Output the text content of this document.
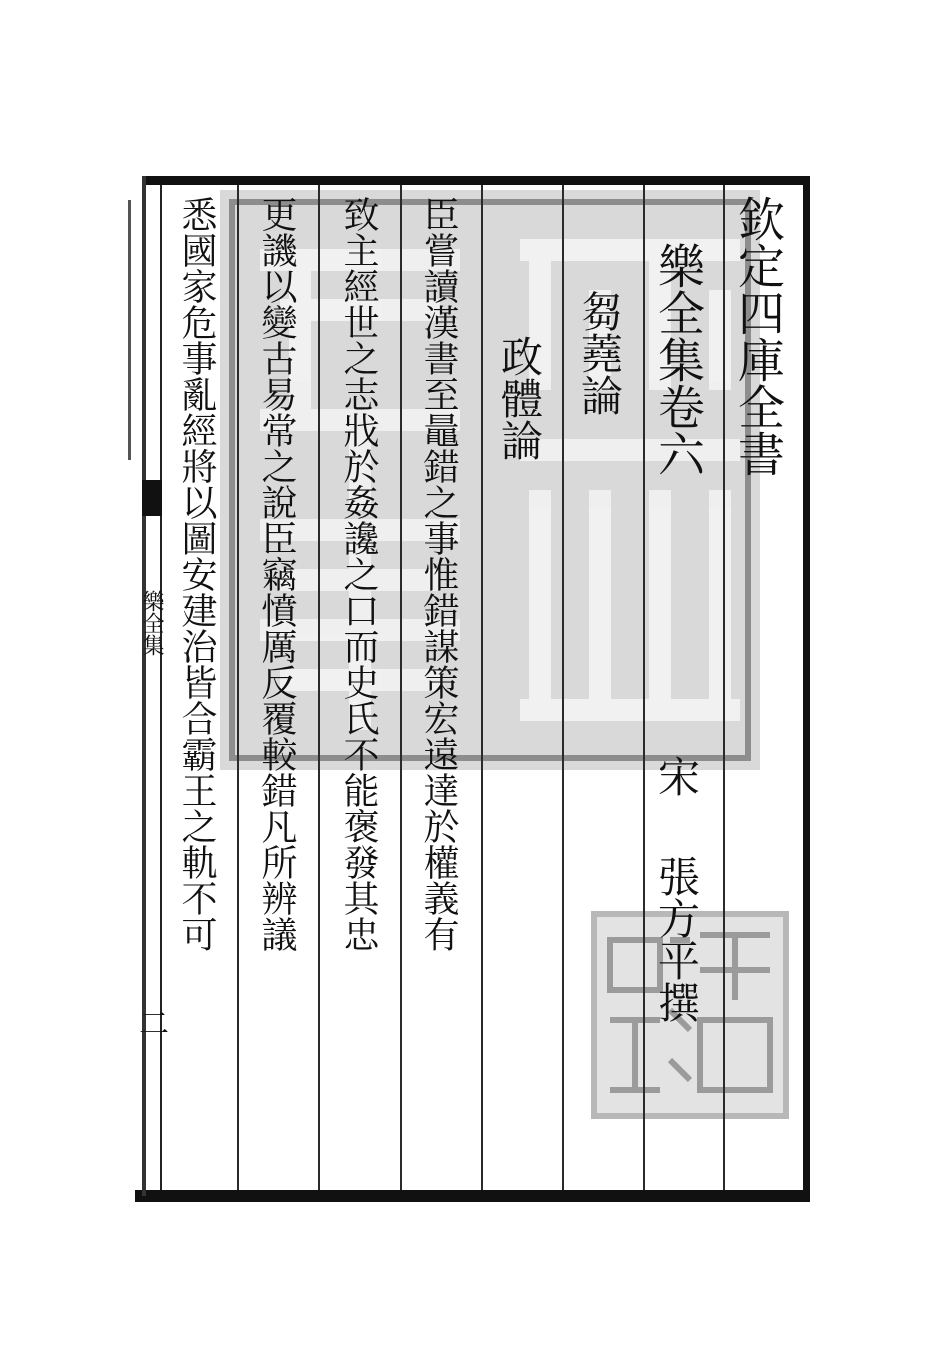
欽定四庫全書
樂全集卷六
宋
張方平撰
芻蕘論
政體論
臣嘗讀漢書至鼂錯之事惟錯謀策宏遠達於權義有
致主經世之志戕於姦讒之口而史氏不能褒發其忠
更譏以變古易常之說臣竊憤厲反覆較錯凡所辨議
悉國家危事亂經將以圖安建治皆合霸王之軌不可
樂全集
二
